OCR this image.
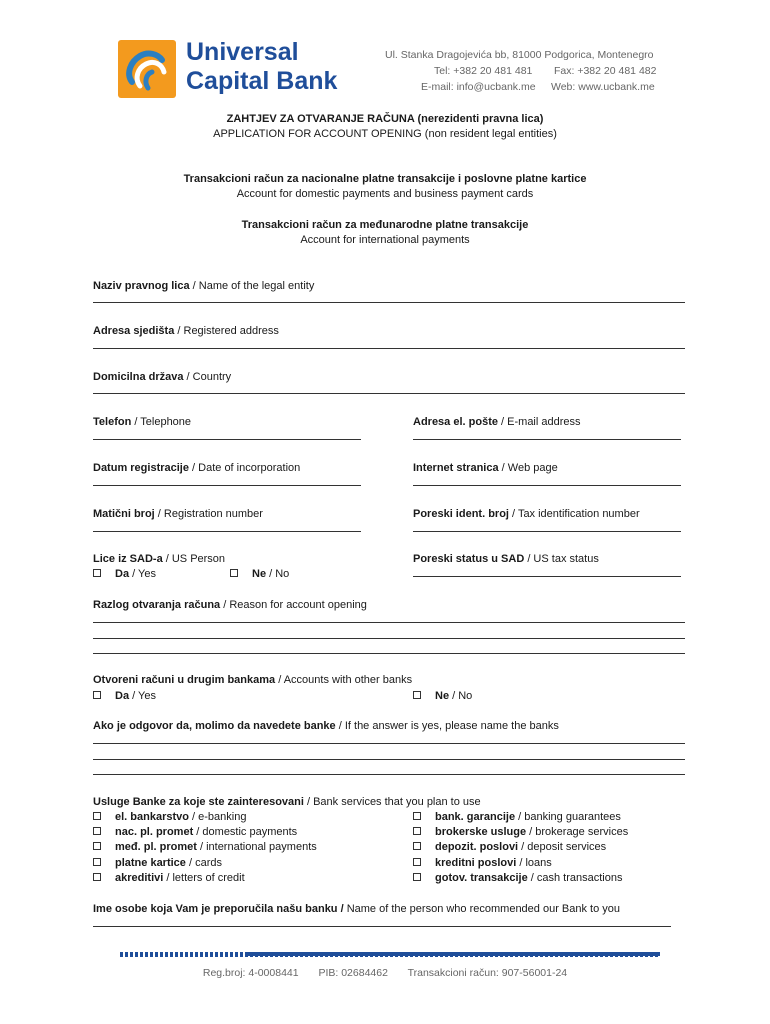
Universal
Capital Bank
Ul. Stanka Dragojevića bb, 81000 Podgorica, Montenegro
Tel: +382 20 481 481 Fax: +382 20 481 482
E-mail: info@ucbank.me Web: www.ucbank.me
ZAHTJEV ZA OTVARANJE RAČUNA (nerezidenti pravna lica)
APPLICATION FOR ACCOUNT OPENING (non resident legal entities)
Transakcioni račun za nacionalne platne transakcije i poslovne platne kartice
Account for domestic payments and business payment cards
Transakcioni račun za međunarodne platne transakcije
Account for international payments
Naziv pravnog lica / Name of the legal entity
Adresa sjedišta / Registered address
Domicilna država / Country
Telefon / Telephone	Adresa el. pošte / E-mail address
Datum registracije / Date of incorporation	Internet stranica / Web page
Matični broj / Registration number	Poreski ident. broj / Tax identification number
Lice iz SAD-a / US Person
Da / Yes	Ne / No
Poreski status u SAD / US tax status
Razlog otvaranja računa / Reason for account opening
Otvoreni računi u drugim bankama / Accounts with other banks
Da / Yes	Ne / No
Ako je odgovor da, molimo da navedete banke / If the answer is yes, please name the banks
Usluge Banke za koje ste zainteresovani / Bank services that you plan to use
el. bankarstvo / e-banking
nac. pl. promet / domestic payments
međ. pl. promet / international payments
platne kartice / cards
akreditivi / letters of credit
bank. garancije / banking guarantees
brokerske usluge / brokerage services
depozit. poslovi / deposit services
kreditni poslovi / loans
gotov. transakcije / cash transactions
Ime osobe koja Vam je preporučila našu banku / Name of the person who recommended our Bank to you
Reg.broj: 4-0008441 PIB: 02684462 Transakcioni račun: 907-56001-24
